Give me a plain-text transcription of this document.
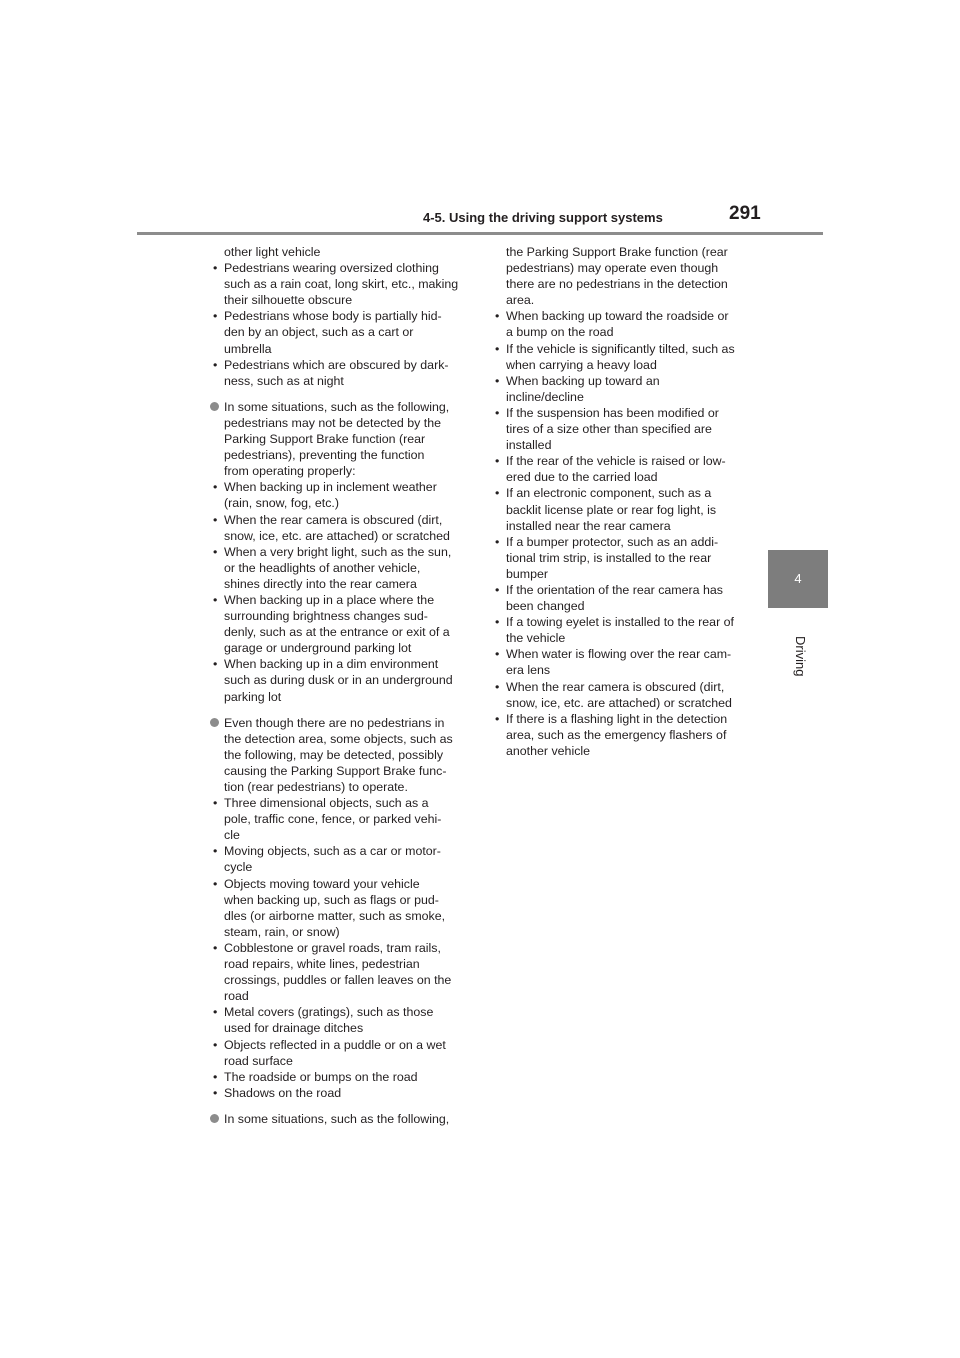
4-5. Using the driving support systems	291
4
Driving
other light vehicle
• Pedestrians wearing oversized clothing
such as a rain coat, long skirt, etc., making
their silhouette obscure
• Pedestrians whose body is partially hid-
den by an object, such as a cart or
umbrella
• Pedestrians which are obscured by dark-
ness, such as at night
In some situations, such as the following,
pedestrians may not be detected by the
Parking Support Brake function (rear
pedestrians), preventing the function
from operating properly:
• When backing up in inclement weather
(rain, snow, fog, etc.)
• When the rear camera is obscured (dirt,
snow, ice, etc. are attached) or scratched
• When a very bright light, such as the sun,
or the headlights of another vehicle,
shines directly into the rear camera
• When backing up in a place where the
surrounding brightness changes sud-
denly, such as at the entrance or exit of a
garage or underground parking lot
• When backing up in a dim environment
such as during dusk or in an underground
parking lot
Even though there are no pedestrians in
the detection area, some objects, such as
the following, may be detected, possibly
causing the Parking Support Brake func-
tion (rear pedestrians) to operate.
• Three dimensional objects, such as a
pole, traffic cone, fence, or parked vehi-
cle
• Moving objects, such as a car or motor-
cycle
• Objects moving toward your vehicle
when backing up, such as flags or pud-
dles (or airborne matter, such as smoke,
steam, rain, or snow)
• Cobblestone or gravel roads, tram rails,
road repairs, white lines, pedestrian
crossings, puddles or fallen leaves on the
road
• Metal covers (gratings), such as those
used for drainage ditches
• Objects reflected in a puddle or on a wet
road surface
• The roadside or bumps on the road
• Shadows on the road
In some situations, such as the following,
the Parking Support Brake function (rear
pedestrians) may operate even though
there are no pedestrians in the detection
area.
• When backing up toward the roadside or
a bump on the road
• If the vehicle is significantly tilted, such as
when carrying a heavy load
• When backing up toward an
incline/decline
• If the suspension has been modified or
tires of a size other than specified are
installed
• If the rear of the vehicle is raised or low-
ered due to the carried load
• If an electronic component, such as a
backlit license plate or rear fog light, is
installed near the rear camera
• If a bumper protector, such as an addi-
tional trim strip, is installed to the rear
bumper
• If the orientation of the rear camera has
been changed
• If a towing eyelet is installed to the rear of
the vehicle
• When water is flowing over the rear cam-
era lens
• When the rear camera is obscured (dirt,
snow, ice, etc. are attached) or scratched
• If there is a flashing light in the detection
area, such as the emergency flashers of
another vehicle
